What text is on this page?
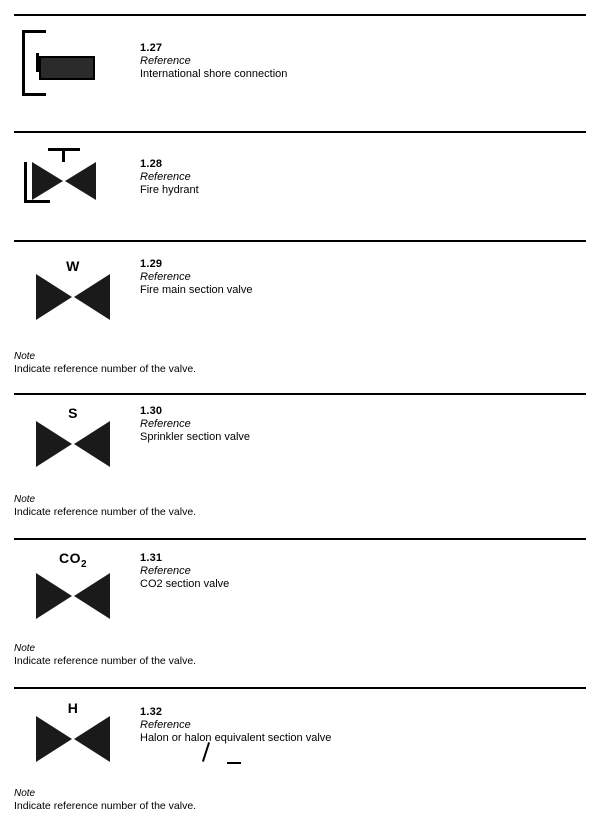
1.27
Reference
International shore connection
1.28
Reference
Fire hydrant
W	1.29
Reference
Fire main section valve
Note
Indicate reference number of the valve.
S	1.30
Reference
Sprinkler section valve
Note
Indicate reference number of the valve.
$CO_2$
1.31
Reference
CO2 section valve
Note
Indicate reference number of the valve.
H	1.32
Reference
Halon or halon equivalent section valve
Note
Indicate reference number of the valve.
